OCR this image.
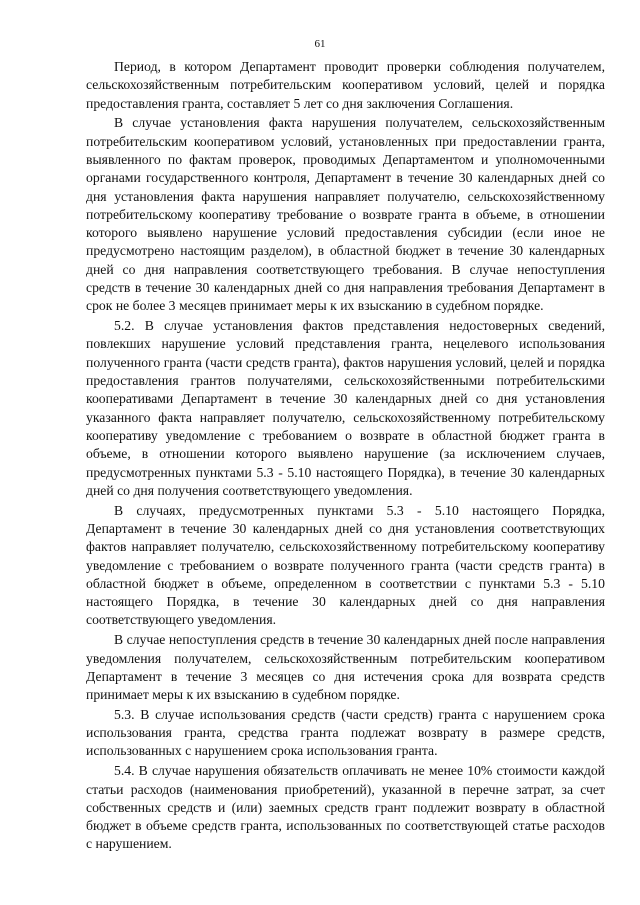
61

Период, в котором Департамент проводит проверки соблюдения получателем, сельскохозяйственным потребительским кооперативом условий, целей и порядка предоставления гранта, составляет 5 лет со дня заключения Соглашения.

В случае установления факта нарушения получателем, сельскохозяйственным потребительским кооперативом условий, установленных при предоставлении гранта, выявленного по фактам проверок, проводимых Департаментом и уполномоченными органами государственного контроля, Департамент в течение 30 календарных дней со дня установления факта нарушения направляет получателю, сельскохозяйственному потребительскому кооперативу требование о возврате гранта в объеме, в отношении которого выявлено нарушение условий предоставления субсидии (если иное не предусмотрено настоящим разделом), в областной бюджет в течение 30 календарных дней со дня направления соответствующего требования. В случае непоступления средств в течение 30 календарных дней со дня направления требования Департамент в срок не более 3 месяцев принимает меры к их взысканию в судебном порядке.

5.2. В случае установления фактов представления недостоверных сведений, повлекших нарушение условий представления гранта, нецелевого использования полученного гранта (части средств гранта), фактов нарушения условий, целей и порядка предоставления грантов получателями, сельскохозяйственными потребительскими кооперативами Департамент в течение 30 календарных дней со дня установления указанного факта направляет получателю, сельскохозяйственному потребительскому кооперативу уведомление с требованием о возврате в областной бюджет гранта в объеме, в отношении которого выявлено нарушение (за исключением случаев, предусмотренных пунктами 5.3 - 5.10 настоящего Порядка), в течение 30 календарных дней со дня получения соответствующего уведомления.

В случаях, предусмотренных пунктами 5.3 - 5.10 настоящего Порядка, Департамент в течение 30 календарных дней со дня установления соответствующих фактов направляет получателю, сельскохозяйственному потребительскому кооперативу уведомление с требованием о возврате полученного гранта (части средств гранта) в областной бюджет в объеме, определенном в соответствии с пунктами 5.3 - 5.10 настоящего Порядка, в течение 30 календарных дней со дня направления соответствующего уведомления.

В случае непоступления средств в течение 30 календарных дней после направления уведомления получателем, сельскохозяйственным потребительским кооперативом Департамент в течение 3 месяцев со дня истечения срока для возврата средств принимает меры к их взысканию в судебном порядке.

5.3. В случае использования средств (части средств) гранта с нарушением срока использования гранта, средства гранта подлежат возврату в размере средств, использованных с нарушением срока использования гранта.

5.4. В случае нарушения обязательств оплачивать не менее 10% стоимости каждой статьи расходов (наименования приобретений), указанной в перечне затрат, за счет собственных средств и (или) заемных средств грант подлежит возврату в областной бюджет в объеме средств гранта, использованных по соответствующей статье расходов с нарушением.
